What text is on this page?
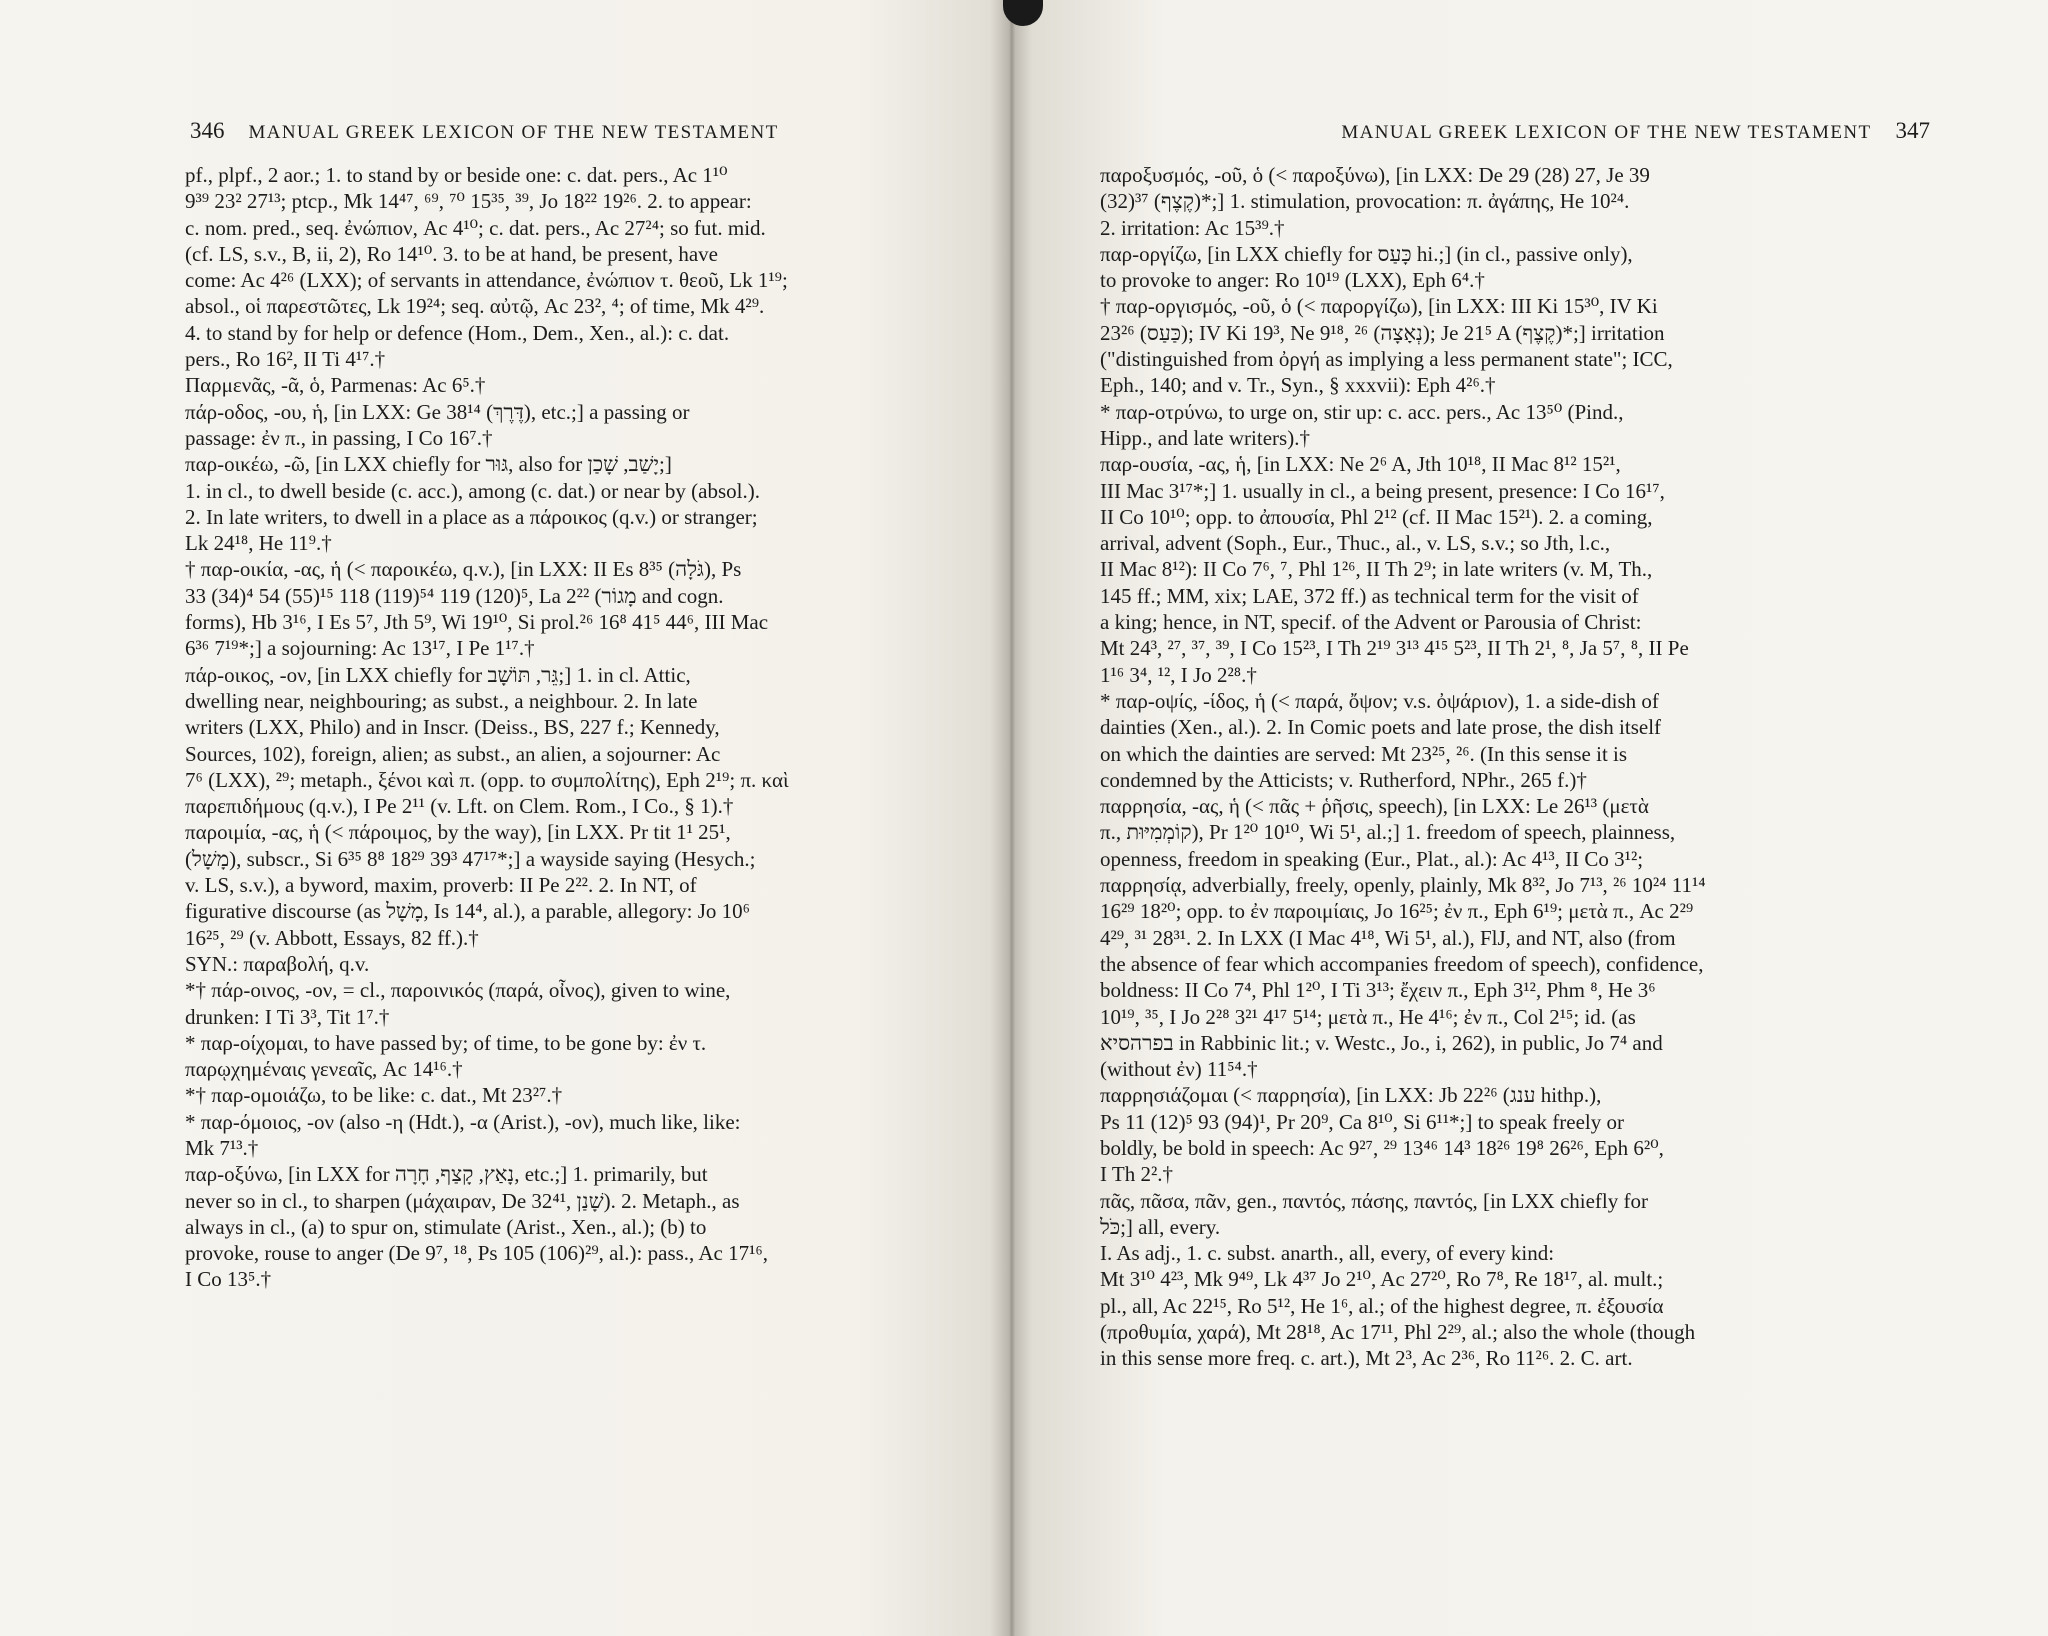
346 MANUAL GREEK LEXICON OF THE NEW TESTAMENT
pf., plpf., 2 aor.; 1. to stand by or beside one: c. dat. pers., Ac 1¹⁰
9³⁹ 23² 27¹³; ptcp., Mk 14⁴⁷, ⁶⁹, ⁷⁰ 15³⁵, ³⁹, Jo 18²² 19²⁶. 2. to appear:
c. nom. pred., seq. ἐνώπιον, Ac 4¹⁰; c. dat. pers., Ac 27²⁴; so fut. mid.
(cf. LS, s.v., B, ii, 2), Ro 14¹⁰. 3. to be at hand, be present, have
come: Ac 4²⁶ (LXX); of servants in attendance, ἐνώπιον τ. θεοῦ, Lk 1¹⁹;
absol., οἱ παρεστῶτες, Lk 19²⁴; seq. αὐτῷ, Ac 23², ⁴; of time, Mk 4²⁹.
4. to stand by for help or defence (Hom., Dem., Xen., al.): c. dat.
pers., Ro 16², II Ti 4¹⁷.†
Παρμενᾶς, -ᾶ, ὁ, Parmenas: Ac 6⁵.†
πάρ-οδος, -ου, ἡ, [in LXX: Ge 38¹⁴ (דֶּרֶךְ), etc.;] a passing or
passage: ἐν π., in passing, I Co 16⁷.†
παρ-οικέω, -ῶ, [in LXX chiefly for גּוּר, also for יָשַׁב, שָׁכַן;]
1. in cl., to dwell beside (c. acc.), among (c. dat.) or near by (absol.).
2. In late writers, to dwell in a place as a πάροικος (q.v.) or stranger;
Lk 24¹⁸, He 11⁹.†
† παρ-οικία, -ας, ἡ (< παροικέω, q.v.), [in LXX: II Es 8³⁵ (גֹּלָה), Ps
33 (34)⁴ 54 (55)¹⁵ 118 (119)⁵⁴ 119 (120)⁵, La 2²² (מָגוֹר and cogn.
forms), Hb 3¹⁶, I Es 5⁷, Jth 5⁹, Wi 19¹⁰, Si prol.²⁶ 16⁸ 41⁵ 44⁶, III Mac
6³⁶ 7¹⁹*;] a sojourning: Ac 13¹⁷, I Pe 1¹⁷.†
πάρ-οικος, -ον, [in LXX chiefly for גֵּר, תּוֹשָׁב;] 1. in cl. Attic,
dwelling near, neighbouring; as subst., a neighbour. 2. In late
writers (LXX, Philo) and in Inscr. (Deiss., BS, 227 f.; Kennedy,
Sources, 102), foreign, alien; as subst., an alien, a sojourner: Ac
7⁶ (LXX), ²⁹; metaph., ξένοι καὶ π. (opp. to συμπολίτης), Eph 2¹⁹; π. καὶ
παρεπιδήμους (q.v.), I Pe 2¹¹ (v. Lft. on Clem. Rom., I Co., § 1).†
παροιμία, -ας, ἡ (< πάροιμος, by the way), [in LXX. Pr tit 1¹ 25¹,
(מָשָׁל), subscr., Si 6³⁵ 8⁸ 18²⁹ 39³ 47¹⁷*;] a wayside saying (Hesych.;
v. LS, s.v.), a byword, maxim, proverb: II Pe 2²². 2. In NT, of
figurative discourse (as מָשָׁל, Is 14⁴, al.), a parable, allegory: Jo 10⁶
16²⁵, ²⁹ (v. Abbott, Essays, 82 ff.).†
SYN.: παραβολή, q.v.
*† πάρ-οινος, -ον, = cl., παροινικός (παρά, οἶνος), given to wine,
drunken: I Ti 3³, Tit 1⁷.†
* παρ-οίχομαι, to have passed by; of time, to be gone by: ἐν τ.
παρῳχημέναις γενεαῖς, Ac 14¹⁶.†
*† παρ-ομοιάζω, to be like: c. dat., Mt 23²⁷.†
* παρ-όμοιος, -ον (also -η (Hdt.), -α (Arist.), -ον), much like, like:
Mk 7¹³.†
παρ-οξύνω, [in LXX for נָאַץ, קָצַף, חָרָה, etc.;] 1. primarily, but
never so in cl., to sharpen (μάχαιραν, De 32⁴¹, שָׁנַן). 2. Metaph., as
always in cl., (a) to spur on, stimulate (Arist., Xen., al.); (b) to
provoke, rouse to anger (De 9⁷, ¹⁸, Ps 105 (106)²⁹, al.): pass., Ac 17¹⁶,
I Co 13⁵.†
MANUAL GREEK LEXICON OF THE NEW TESTAMENT 347
παροξυσμός, -οῦ, ὁ (< παροξύνω), [in LXX: De 29 (28) 27, Je 39
(32)³⁷ (קֶצֶף)*;] 1. stimulation, provocation: π. ἀγάπης, He 10²⁴.
2. irritation: Ac 15³⁹.†
παρ-οργίζω, [in LXX chiefly for כָּעַס hi.;] (in cl., passive only),
to provoke to anger: Ro 10¹⁹ (LXX), Eph 6⁴.†
† παρ-οργισμός, -οῦ, ὁ (< παροργίζω), [in LXX: III Ki 15³⁰, IV Ki
23²⁶ (כַּעַס); IV Ki 19³, Ne 9¹⁸, ²⁶ (נְאָצָה); Je 21⁵ A (קֶצֶף)*;] irritation
("distinguished from ὀργή as implying a less permanent state"; ICC,
Eph., 140; and v. Tr., Syn., § xxxvii): Eph 4²⁶.†
* παρ-οτρύνω, to urge on, stir up: c. acc. pers., Ac 13⁵⁰ (Pind.,
Hipp., and late writers).†
παρ-ουσία, -ας, ἡ, [in LXX: Ne 2⁶ A, Jth 10¹⁸, II Mac 8¹² 15²¹,
III Mac 3¹⁷*;] 1. usually in cl., a being present, presence: I Co 16¹⁷,
II Co 10¹⁰; opp. to ἀπουσία, Phl 2¹² (cf. II Mac 15²¹). 2. a coming,
arrival, advent (Soph., Eur., Thuc., al., v. LS, s.v.; so Jth, l.c.,
II Mac 8¹²): II Co 7⁶, ⁷, Phl 1²⁶, II Th 2⁹; in late writers (v. M, Th.,
145 ff.; MM, xix; LAE, 372 ff.) as technical term for the visit of
a king; hence, in NT, specif. of the Advent or Parousia of Christ:
Mt 24³, ²⁷, ³⁷, ³⁹, I Co 15²³, I Th 2¹⁹ 3¹³ 4¹⁵ 5²³, II Th 2¹, ⁸, Ja 5⁷, ⁸, II Pe
1¹⁶ 3⁴, ¹², I Jo 2²⁸.†
* παρ-οψίς, -ίδος, ἡ (< παρά, ὄψον; v.s. ὀψάριον), 1. a side-dish of
dainties (Xen., al.). 2. In Comic poets and late prose, the dish itself
on which the dainties are served: Mt 23²⁵, ²⁶. (In this sense it is
condemned by the Atticists; v. Rutherford, NPhr., 265 f.)†
παρρησία, -ας, ἡ (< πᾶς + ῥῆσις, speech), [in LXX: Le 26¹³ (μετὰ
π., קוֹמְמִיּוּת), Pr 1²⁰ 10¹⁰, Wi 5¹, al.;] 1. freedom of speech, plainness,
openness, freedom in speaking (Eur., Plat., al.): Ac 4¹³, II Co 3¹²;
παρρησίᾳ, adverbially, freely, openly, plainly, Mk 8³², Jo 7¹³, ²⁶ 10²⁴ 11¹⁴
16²⁹ 18²⁰; opp. to ἐν παροιμίαις, Jo 16²⁵; ἐν π., Eph 6¹⁹; μετὰ π., Ac 2²⁹
4²⁹, ³¹ 28³¹. 2. In LXX (I Mac 4¹⁸, Wi 5¹, al.), FlJ, and NT, also (from
the absence of fear which accompanies freedom of speech), confidence,
boldness: II Co 7⁴, Phl 1²⁰, I Ti 3¹³; ἔχειν π., Eph 3¹², Phm ⁸, He 3⁶
10¹⁹, ³⁵, I Jo 2²⁸ 3²¹ 4¹⁷ 5¹⁴; μετὰ π., He 4¹⁶; ἐν π., Col 2¹⁵; id. (as
בפרהסיא in Rabbinic lit.; v. Westc., Jo., i, 262), in public, Jo 7⁴ and
(without ἐν) 11⁵⁴.†
παρρησιάζομαι (< παρρησία), [in LXX: Jb 22²⁶ (ענג hithp.),
Ps 11 (12)⁵ 93 (94)¹, Pr 20⁹, Ca 8¹⁰, Si 6¹¹*;] to speak freely or
boldly, be bold in speech: Ac 9²⁷, ²⁹ 13⁴⁶ 14³ 18²⁶ 19⁸ 26²⁶, Eph 6²⁰,
I Th 2².†
πᾶς, πᾶσα, πᾶν, gen., παντός, πάσης, παντός, [in LXX chiefly for
כֹּל;] all, every.
I. As adj., 1. c. subst. anarth., all, every, of every kind:
Mt 3¹⁰ 4²³, Mk 9⁴⁹, Lk 4³⁷ Jo 2¹⁰, Ac 27²⁰, Ro 7⁸, Re 18¹⁷, al. mult.;
pl., all, Ac 22¹⁵, Ro 5¹², He 1⁶, al.; of the highest degree, π. ἐξουσία
(προθυμία, χαρά), Mt 28¹⁸, Ac 17¹¹, Phl 2²⁹, al.; also the whole (though
in this sense more freq. c. art.), Mt 2³, Ac 2³⁶, Ro 11²⁶. 2. C. art.
